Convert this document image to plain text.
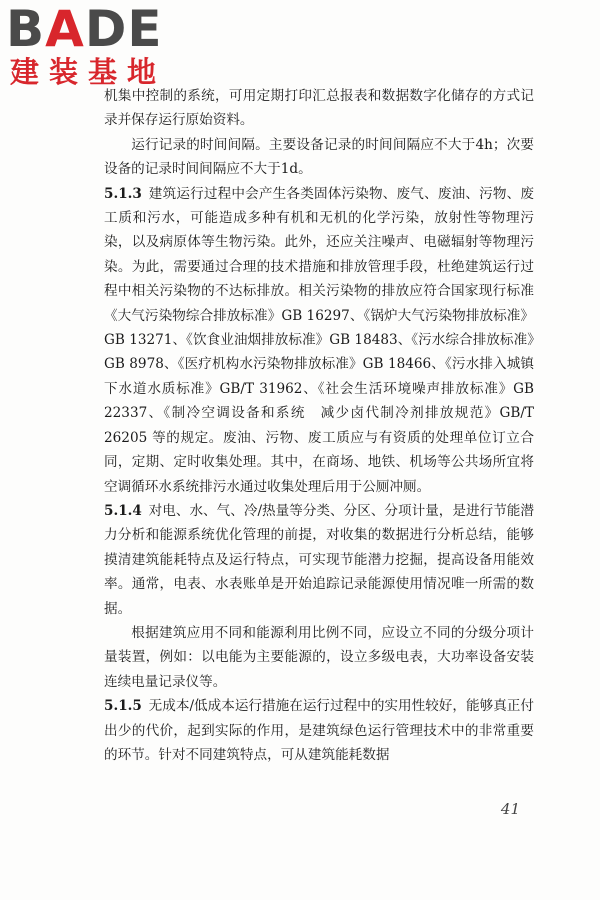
BADE
建装基地

机集中控制的系统，可用定期打印汇总报表和数据数字化储存的方式记录并保存运行原始资料。

运行记录的时间间隔。主要设备记录的时间间隔应不大于4h；次要设备的记录时间间隔应不大于1d。

5.1.3 建筑运行过程中会产生各类固体污染物、废气、废油、污物、废工质和污水，可能造成多种有机和无机的化学污染，放射性等物理污染，以及病原体等生物污染。此外，还应关注噪声、电磁辐射等物理污染。为此，需要通过合理的技术措施和排放管理手段，杜绝建筑运行过程中相关污染物的不达标排放。相关污染物的排放应符合国家现行标准《大气污染物综合排放标准》GB 16297、《锅炉大气污染物排放标准》GB 13271、《饮食业油烟排放标准》GB 18483、《污水综合排放标准》GB 8978、《医疗机构水污染物排放标准》GB 18466、《污水排入城镇下水道水质标准》GB/T 31962、《社会生活环境噪声排放标准》GB 22337、《制冷空调设备和系统　减少卤代制冷剂排放规范》GB/T 26205 等的规定。废油、污物、废工质应与有资质的处理单位订立合同，定期、定时收集处理。其中，在商场、地铁、机场等公共场所宜将空调循环水系统排污水通过收集处理后用于公厕冲厕。

5.1.4 对电、水、气、冷/热量等分类、分区、分项计量，是进行节能潜力分析和能源系统优化管理的前提，对收集的数据进行分析总结，能够摸清建筑能耗特点及运行特点，可实现节能潜力挖掘，提高设备用能效率。通常，电表、水表账单是开始追踪记录能源使用情况唯一所需的数据。

根据建筑应用不同和能源利用比例不同，应设立不同的分级分项计量装置，例如：以电能为主要能源的，设立多级电表，大功率设备安装连续电量记录仪等。

5.1.5 无成本/低成本运行措施在运行过程中的实用性较好，能够真正付出少的代价，起到实际的作用，是建筑绿色运行管理技术中的非常重要的环节。针对不同建筑特点，可从建筑能耗数据

41
